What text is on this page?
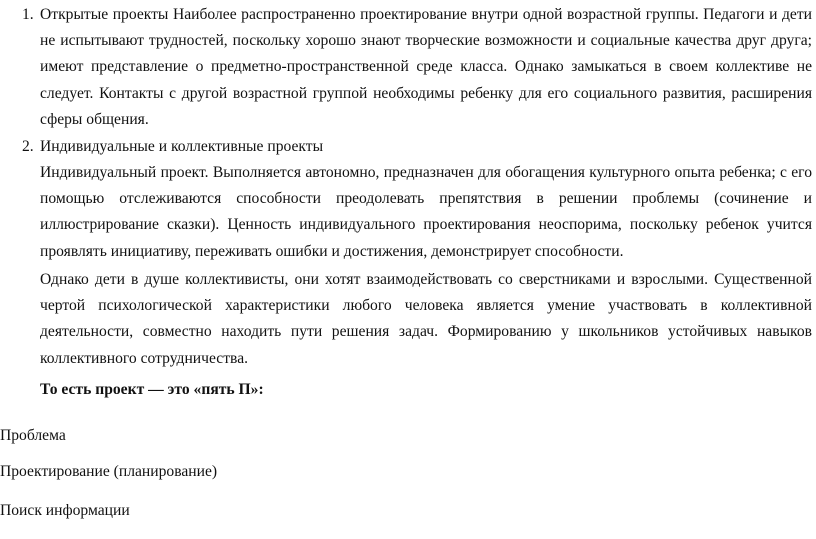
1. Открытые проекты Наиболее распространенно проектирование внутри одной возрастной группы. Педагоги и дети
не испытывают трудностей, поскольку хорошо знают творческие возможности и социальные качества друг друга;
имеют представление о предметно-пространственной среде класса. Однако замыкаться в своем коллективе не
следует. Контакты с другой возрастной группой необходимы ребенку для его социального развития, расширения
сферы общения.
2. Индивидуальные и коллективные проекты
Индивидуальный проект. Выполняется автономно, предназначен для обогащения культурного опыта ребенка; с его
помощью отслеживаются способности преодолевать препятствия в решении проблемы (сочинение и
иллюстрирование сказки). Ценность индивидуального проектирования неоспорима, поскольку ребенок учится
проявлять инициативу, переживать ошибки и достижения, демонстрирует способности.
Однако дети в душе коллективисты, они хотят взаимодействовать со сверстниками и взрослыми. Существенной
чертой психологической характеристики любого человека является умение участвовать в коллективной
деятельности, совместно находить пути решения задач. Формированию у школьников устойчивых навыков
коллективного сотрудничества.
То есть проект — это «пять П»:
Проблема
Проектирование (планирование)
Поиск информации
